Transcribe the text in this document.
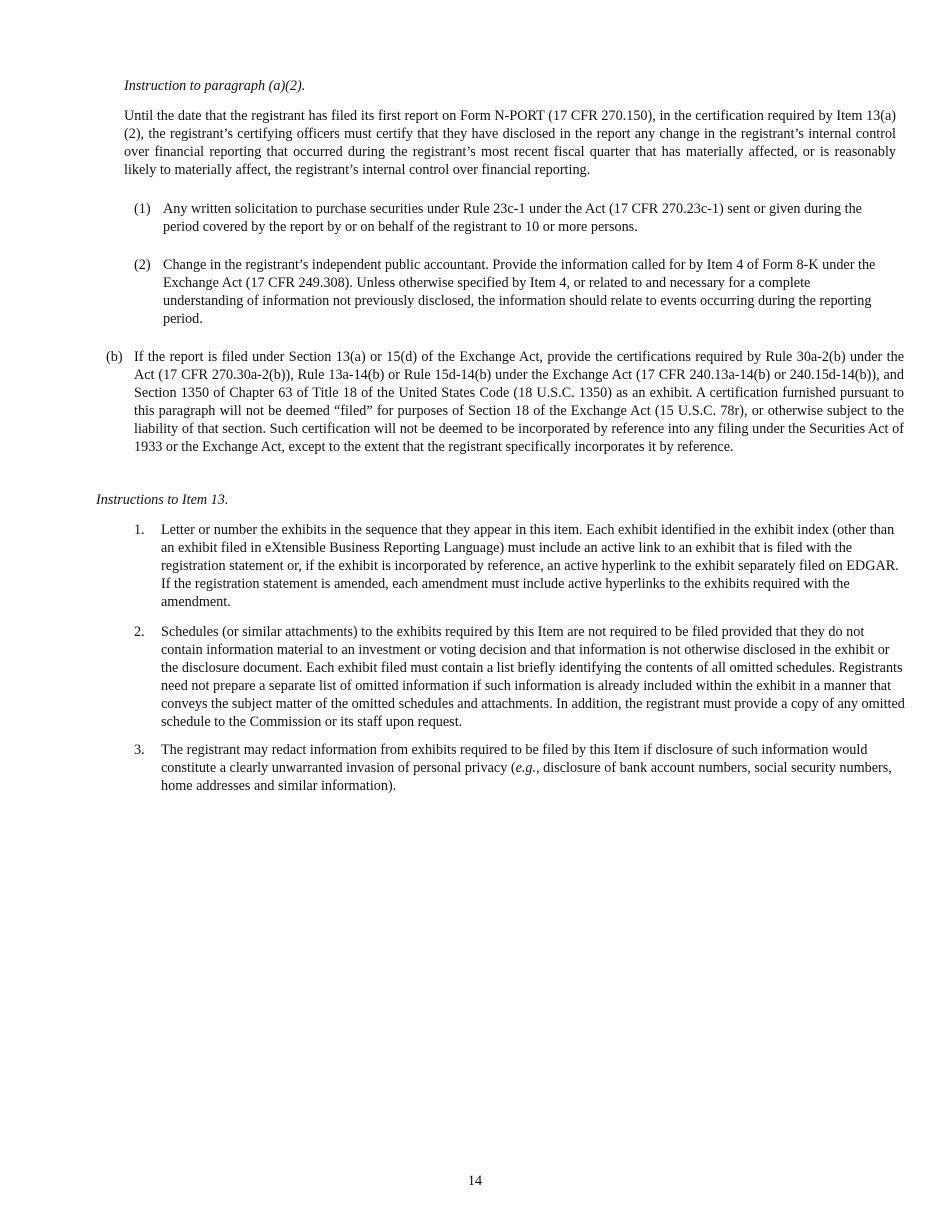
Instruction to paragraph (a)(2).

Until the date that the registrant has filed its first report on Form N-PORT (17 CFR 270.150), in the certification required by Item 13(a)(2), the registrant’s certifying officers must certify that they have disclosed in the report any change in the registrant’s internal control over financial reporting that occurred during the registrant’s most recent fiscal quarter that has materially affected, or is reasonably likely to materially affect, the registrant’s internal control over financial reporting.

(1) Any written solicitation to purchase securities under Rule 23c-1 under the Act (17 CFR 270.23c-1) sent or given during the period covered by the report by or on behalf of the registrant to 10 or more persons.

(2) Change in the registrant’s independent public accountant. Provide the information called for by Item 4 of Form 8-K under the Exchange Act (17 CFR 249.308). Unless otherwise specified by Item 4, or related to and necessary for a complete understanding of information not previously disclosed, the information should relate to events occurring during the reporting period.

(b) If the report is filed under Section 13(a) or 15(d) of the Exchange Act, provide the certifications required by Rule 30a-2(b) under the Act (17 CFR 270.30a-2(b)), Rule 13a-14(b) or Rule 15d-14(b) under the Exchange Act (17 CFR 240.13a-14(b) or 240.15d-14(b)), and Section 1350 of Chapter 63 of Title 18 of the United States Code (18 U.S.C. 1350) as an exhibit. A certification furnished pursuant to this paragraph will not be deemed “filed” for purposes of Section 18 of the Exchange Act (15 U.S.C. 78r), or otherwise subject to the liability of that section. Such certification will not be deemed to be incorporated by reference into any filing under the Securities Act of 1933 or the Exchange Act, except to the extent that the registrant specifically incorporates it by reference.

Instructions to Item 13.
1. Letter or number the exhibits in the sequence that they appear in this item. Each exhibit identified in the exhibit index (other than an exhibit filed in eXtensible Business Reporting Language) must include an active link to an exhibit that is filed with the registration statement or, if the exhibit is incorporated by reference, an active hyperlink to the exhibit separately filed on EDGAR. If the registration statement is amended, each amendment must include active hyperlinks to the exhibits required with the amendment.

2. Schedules (or similar attachments) to the exhibits required by this Item are not required to be filed provided that they do not contain information material to an investment or voting decision and that information is not otherwise disclosed in the exhibit or the disclosure document. Each exhibit filed must contain a list briefly identifying the contents of all omitted schedules. Registrants need not prepare a separate list of omitted information if such information is already included within the exhibit in a manner that conveys the subject matter of the omitted schedules and attachments. In addition, the registrant must provide a copy of any omitted schedule to the Commission or its staff upon request.

3. The registrant may redact information from exhibits required to be filed by this Item if disclosure of such information would constitute a clearly unwarranted invasion of personal privacy (e.g., disclosure of bank account numbers, social security numbers, home addresses and similar information).

14
